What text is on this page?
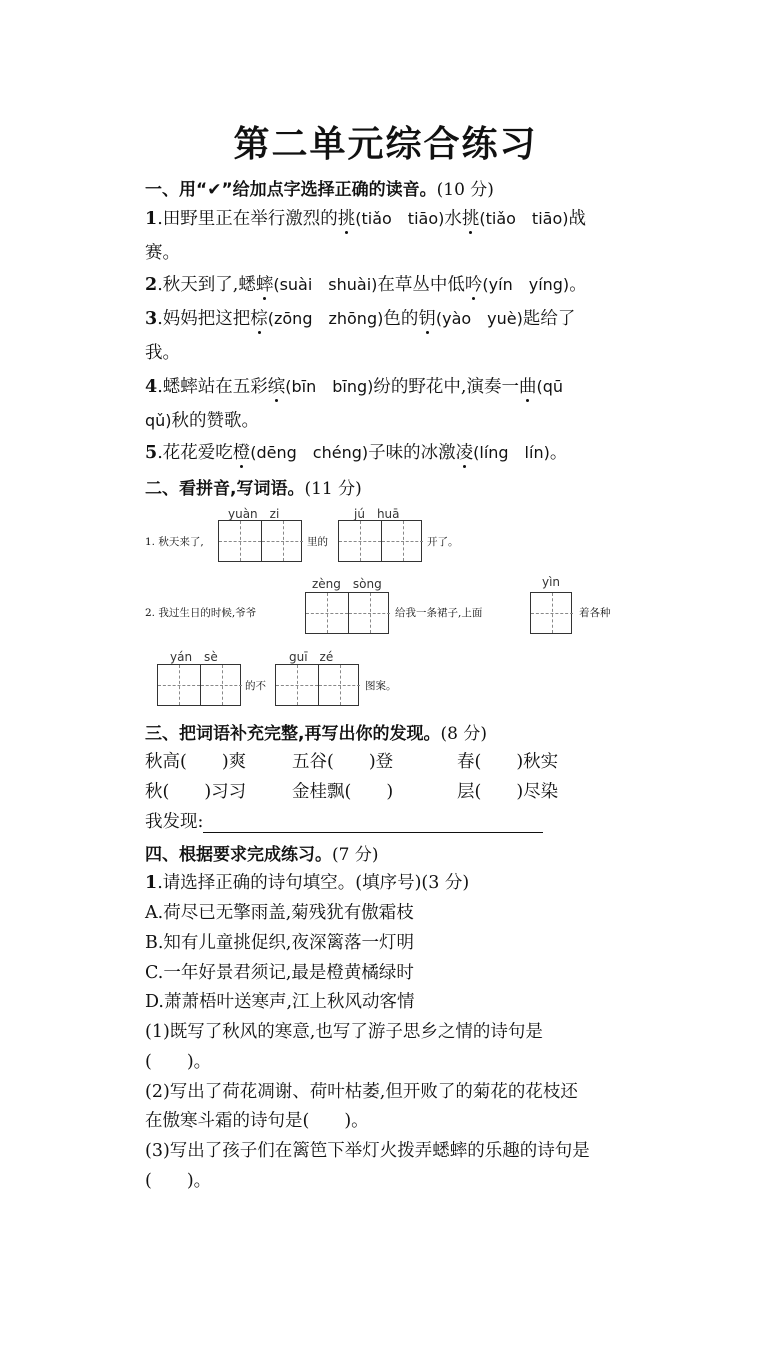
第二单元综合练习
一、用“✔”给加点字选择正确的读音。(10 分)
1.田野里正在举行激烈的挑(tiǎo　tiāo)水挑(tiǎo　tiāo)战
赛。
2.秋天到了,蟋蟀(suài　shuài)在草丛中低吟(yín　yíng)。
3.妈妈把这把棕(zōng　zhōng)色的钥(yào　yuè)匙给了
我。
4.蟋蟀站在五彩缤(bīn　bīng)纷的野花中,演奏一曲(qū
qǔ)秋的赞歌。
5.花花爱吃橙(dēng　chéng)子味的冰激凌(líng　lín)。
二、看拼音,写词语。(11 分)
yuàn　zi	jú　huā
1. 秋天来了,	里的	开了。
zèng　sòng	yìn
2. 我过生日的时候,爷爷	给我一条裙子,上面	着各种
yán　sè	guī　zé
的不	图案。
三、把词语补充完整,再写出你的发现。(8 分)
秋高(　　)爽	五谷(　　)登	春(　　)秋实
秋(　　)习习	金桂飘(　　)	层(　　)尽染
我发现:
四、根据要求完成练习。(7 分)
1.请选择正确的诗句填空。(填序号)(3 分)
A.荷尽已无擎雨盖,菊残犹有傲霜枝
B.知有儿童挑促织,夜深篱落一灯明
C.一年好景君须记,最是橙黄橘绿时
D.萧萧梧叶送寒声,江上秋风动客情
(1)既写了秋风的寒意,也写了游子思乡之情的诗句是
(　　)。
(2)写出了荷花凋谢、荷叶枯萎,但开败了的菊花的花枝还
在傲寒斗霜的诗句是(　　)。
(3)写出了孩子们在篱笆下举灯火拨弄蟋蟀的乐趣的诗句是
(　　)。
